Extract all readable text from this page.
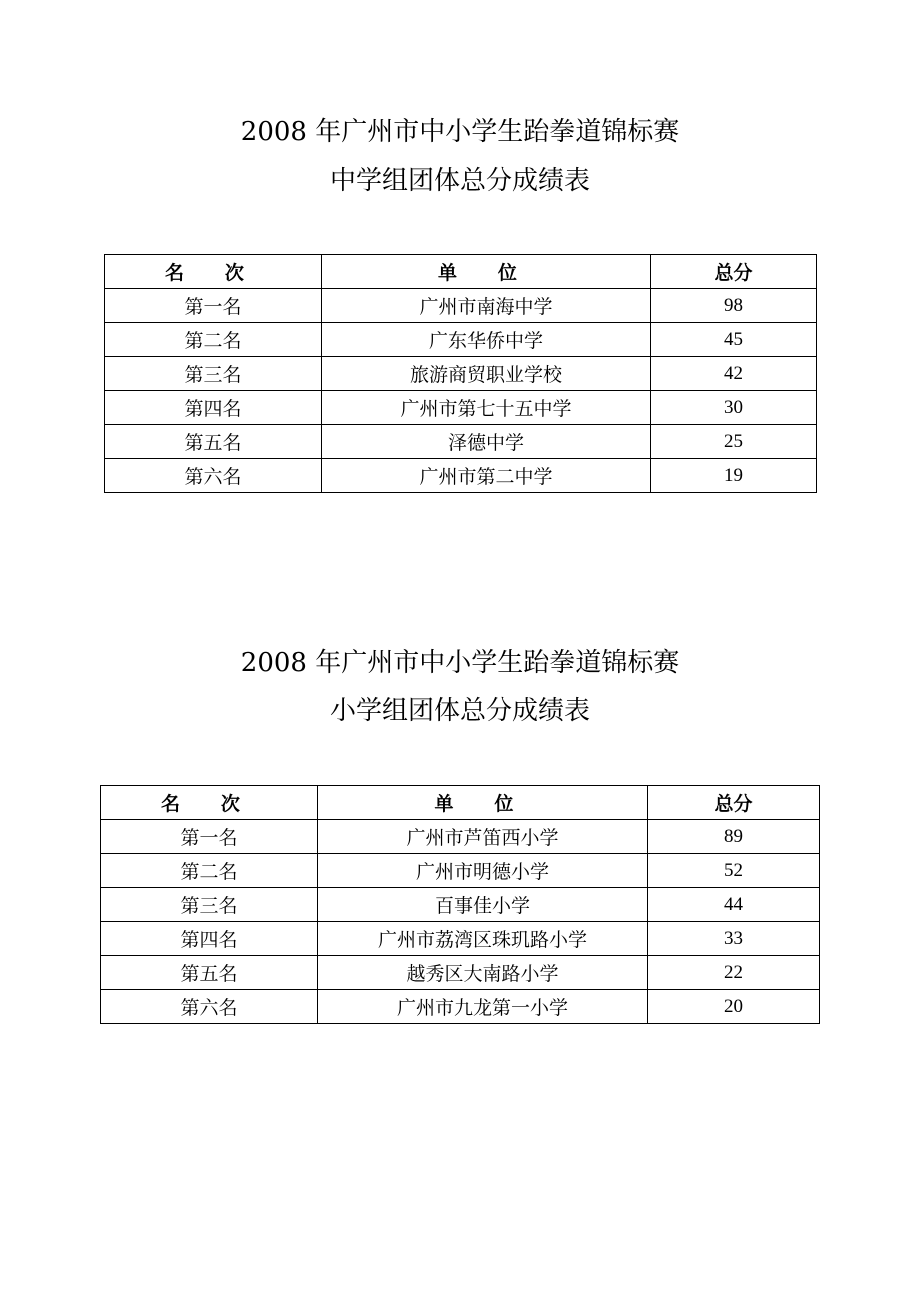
2008 年广州市中小学生跆拳道锦标赛
中学组团体总分成绩表
名 次	单 位	总分
第一名	广州市南海中学	98
第二名	广东华侨中学	45
第三名	旅游商贸职业学校	42
第四名	广州市第七十五中学	30
第五名	泽德中学	25
第六名	广州市第二中学	19
2008 年广州市中小学生跆拳道锦标赛
小学组团体总分成绩表
名 次	单 位	总分
第一名	广州市芦笛西小学	89
第二名	广州市明德小学	52
第三名	百事佳小学	44
第四名	广州市荔湾区珠玑路小学	33
第五名	越秀区大南路小学	22
第六名	广州市九龙第一小学	20
